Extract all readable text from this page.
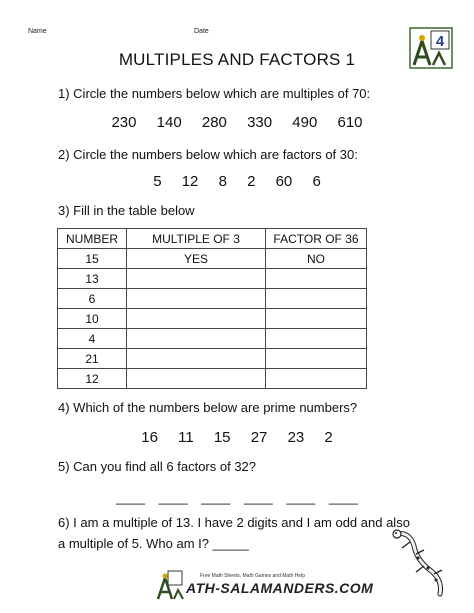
Name	Date
4
MULTIPLES AND FACTORS 1
1) Circle the numbers below which are multiples of 70:
230 140 280 330 490 610
2) Circle the numbers below which are factors of 30:
5 12 8 2 60 6
3) Fill in the table below
NUMBER	MULTIPLE OF 3	FACTOR OF 36
15	YES	NO
13		
6		
10		
4		
21		
12		
4) Which of the numbers below are prime numbers?
16 11 15 27 23 2
5) Can you find all 6 factors of 32?
____ ____ ____ ____ ____ ____
6) I am a multiple of 13. I have 2 digits and I am odd and also a multiple of 5. Who am I? _____
Free Math Sheets, Math Games and Math Help
ATH-SALAMANDERS.COM
